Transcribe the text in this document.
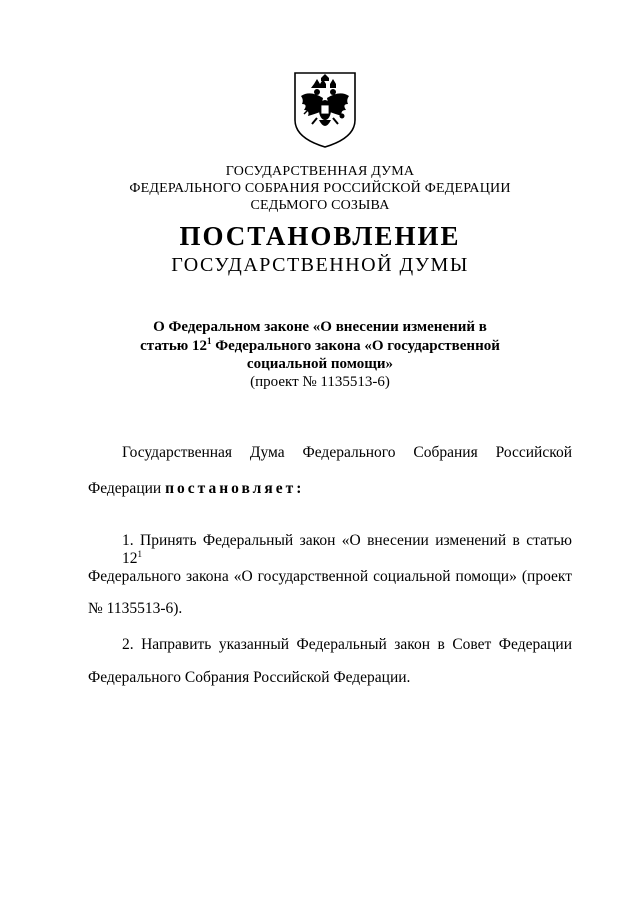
ГОСУДАРСТВЕННАЯ ДУМА
ФЕДЕРАЛЬНОГО СОБРАНИЯ РОССИЙСКОЙ ФЕДЕРАЦИИ
СЕДЬМОГО СОЗЫВА
ПОСТАНОВЛЕНИЕ
ГОСУДАРСТВЕННОЙ ДУМЫ
О Федеральном законе «О внесении изменений в
статью $12^1$ Федерального закона «О государственной
социальной помощи»
(проект № 1135513-6)
Государственная Дума Федерального Собрания Российской
Федерации постановляет:
1. Принять Федеральный закон «О внесении изменений в статью $12^1$
Федерального закона «О государственной социальной помощи» (проект
№ 1135513-6).
2. Направить указанный Федеральный закон в Совет Федерации
Федерального Собрания Российской Федерации.
